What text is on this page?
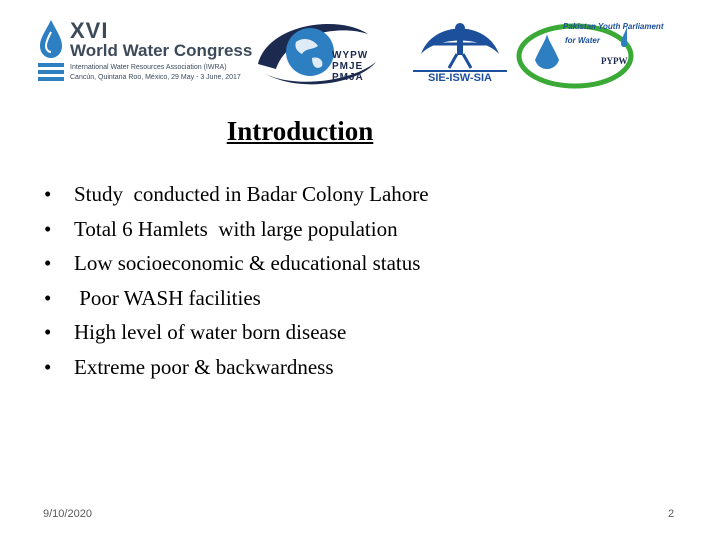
XVI
World Water Congress
International Water Resources Association (IWRA)
Cancún, Quintana Roo, México, 29 May - 3 June, 2017
WYPW
PMJE
PMJA	SIE-ISW-SIA
Pakistan Youth Parliament
for Water
PYPW
Introduction
• Study  conducted in Badar Colony Lahore
• Total 6 Hamlets  with large population
• Low socioeconomic & educational status
• Poor WASH facilities
• High level of water born disease
• Extreme poor & backwardness
9/10/2020	2
